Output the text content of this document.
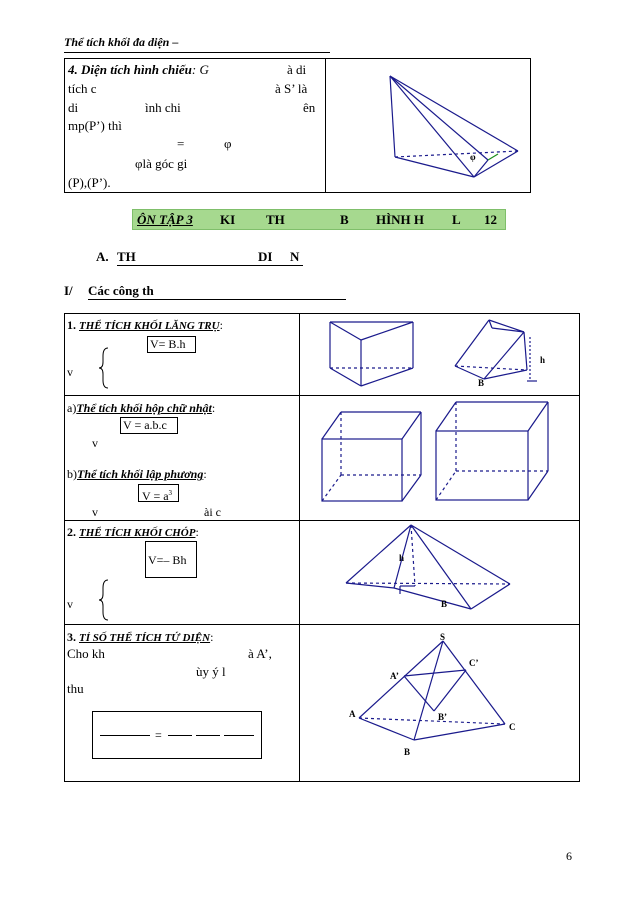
Thể tích khối đa diện –
4. Diện tích hình chiếu: G	à di
tích c	à S’ là
di	ình chi	ên
mp(P’) thì
=	φ
φlà góc gi
(P),(P’).
φ
ÔN TẬP 3 KI TH	B HÌNH H L 12
A. TH	DI N
I/ Các công th
1. THỂ TÍCH KHỐI LĂNG TRỤ:
V= B.h
v
h
B
a)Thể tích khối hộp chữ nhật:
V = a.b.c
v
b)Thể tích khối lập phương:
$V = a^3$
v	ài c
2. THỂ TÍCH KHỐI CHÓP:
V=– Bh
v
h
B
3. TỈ SỐ THỂ TÍCH TỨ DIỆN:
Cho kh	à A’,
ùy ý l
thu
=
S
A’
C’
B’
A
B
C
6
